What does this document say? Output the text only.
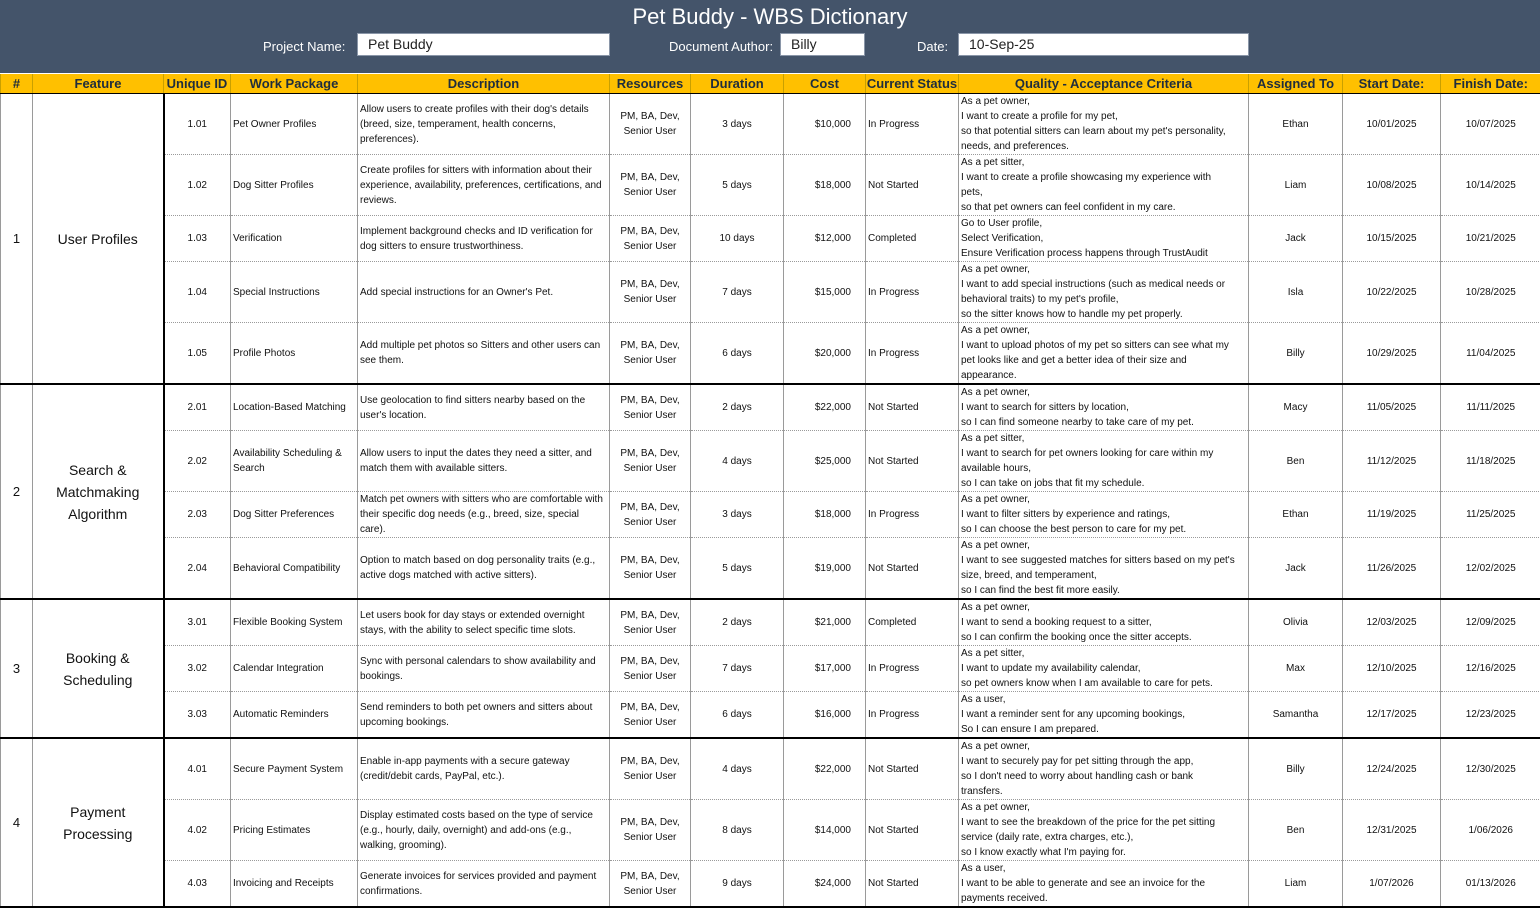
Pet Buddy - WBS Dictionary
Project Name:	Pet Buddy	Document Author:	Billy	Date:	10-Sep-25
#	Feature	Unique ID	Work Package	Description	Resources	Duration	Cost	Current Status	Quality - Acceptance Criteria	Assigned To	Start Date:	Finish Date:
1	User Profiles	1.01	Pet Owner Profiles	Allow users to create profiles with their dog's details (breed, size, temperament, health concerns, preferences).	PM, BA, Dev, Senior User	3 days	$10,000	In Progress	As a pet owner,
I want to create a profile for my pet,
so that potential sitters can learn about my pet's personality,
needs, and preferences.	Ethan	10/01/2025	10/07/2025
		1.02	Dog Sitter Profiles	Create profiles for sitters with information about their experience, availability, preferences, certifications, and reviews.	PM, BA, Dev, Senior User	5 days	$18,000	Not Started	As a pet sitter,
I want to create a profile showcasing my experience with
pets,
so that pet owners can feel confident in my care.	Liam	10/08/2025	10/14/2025
		1.03	Verification	Implement background checks and ID verification for dog sitters to ensure trustworthiness.	PM, BA, Dev, Senior User	10 days	$12,000	Completed	Go to User profile,
Select Verification,
Ensure Verification process happens through TrustAudit	Jack	10/15/2025	10/21/2025
		1.04	Special Instructions	Add special instructions for an Owner's Pet.	PM, BA, Dev, Senior User	7 days	$15,000	In Progress	As a pet owner,
I want to add special instructions (such as medical needs or
behavioral traits) to my pet's profile,
so the sitter knows how to handle my pet properly.	Isla	10/22/2025	10/28/2025
		1.05	Profile Photos	Add multiple pet photos so Sitters and other users can see them.	PM, BA, Dev, Senior User	6 days	$20,000	In Progress	As a pet owner,
I want to upload photos of my pet so sitters can see what my
pet looks like and get a better idea of their size and
appearance.	Billy	10/29/2025	11/04/2025
2	Search & Matchmaking Algorithm	2.01	Location-Based Matching	Use geolocation to find sitters nearby based on the user's location.	PM, BA, Dev, Senior User	2 days	$22,000	Not Started	As a pet owner,
I want to search for sitters by location,
so I can find someone nearby to take care of my pet.	Macy	11/05/2025	11/11/2025
		2.02	Availability Scheduling & Search	Allow users to input the dates they need a sitter, and match them with available sitters.	PM, BA, Dev, Senior User	4 days	$25,000	Not Started	As a pet sitter,
I want to search for pet owners looking for care within my
available hours,
so I can take on jobs that fit my schedule.	Ben	11/12/2025	11/18/2025
		2.03	Dog Sitter Preferences	Match pet owners with sitters who are comfortable with their specific dog needs (e.g., breed, size, special care).	PM, BA, Dev, Senior User	3 days	$18,000	In Progress	As a pet owner,
I want to filter sitters by experience and ratings,
so I can choose the best person to care for my pet.	Ethan	11/19/2025	11/25/2025
		2.04	Behavioral Compatibility	Option to match based on dog personality traits (e.g., active dogs matched with active sitters).	PM, BA, Dev, Senior User	5 days	$19,000	Not Started	As a pet owner,
I want to see suggested matches for sitters based on my pet's
size, breed, and temperament,
so I can find the best fit more easily.	Jack	11/26/2025	12/02/2025
3	Booking & Scheduling	3.01	Flexible Booking System	Let users book for day stays or extended overnight stays, with the ability to select specific time slots.	PM, BA, Dev, Senior User	2 days	$21,000	Completed	As a pet owner,
I want to send a booking request to a sitter,
so I can confirm the booking once the sitter accepts.	Olivia	12/03/2025	12/09/2025
		3.02	Calendar Integration	Sync with personal calendars to show availability and bookings.	PM, BA, Dev, Senior User	7 days	$17,000	In Progress	As a pet sitter,
I want to update my availability calendar,
so pet owners know when I am available to care for pets.	Max	12/10/2025	12/16/2025
		3.03	Automatic Reminders	Send reminders to both pet owners and sitters about upcoming bookings.	PM, BA, Dev, Senior User	6 days	$16,000	In Progress	As a user,
I want a reminder sent for any upcoming bookings,
So I can ensure I am prepared.	Samantha	12/17/2025	12/23/2025
4	Payment Processing	4.01	Secure Payment System	Enable in-app payments with a secure gateway (credit/debit cards, PayPal, etc.).	PM, BA, Dev, Senior User	4 days	$22,000	Not Started	As a pet owner,
I want to securely pay for pet sitting through the app,
so I don't need to worry about handling cash or bank
transfers.	Billy	12/24/2025	12/30/2025
		4.02	Pricing Estimates	Display estimated costs based on the type of service (e.g., hourly, daily, overnight) and add-ons (e.g., walking, grooming).	PM, BA, Dev, Senior User	8 days	$14,000	Not Started	As a pet owner,
I want to see the breakdown of the price for the pet sitting
service (daily rate, extra charges, etc.),
so I know exactly what I'm paying for.	Ben	12/31/2025	1/06/2026
		4.03	Invoicing and Receipts	Generate invoices for services provided and payment confirmations.	PM, BA, Dev, Senior User	9 days	$24,000	Not Started	As a user,
I want to be able to generate and see an invoice for the
payments received.	Liam	1/07/2026	01/13/2026
